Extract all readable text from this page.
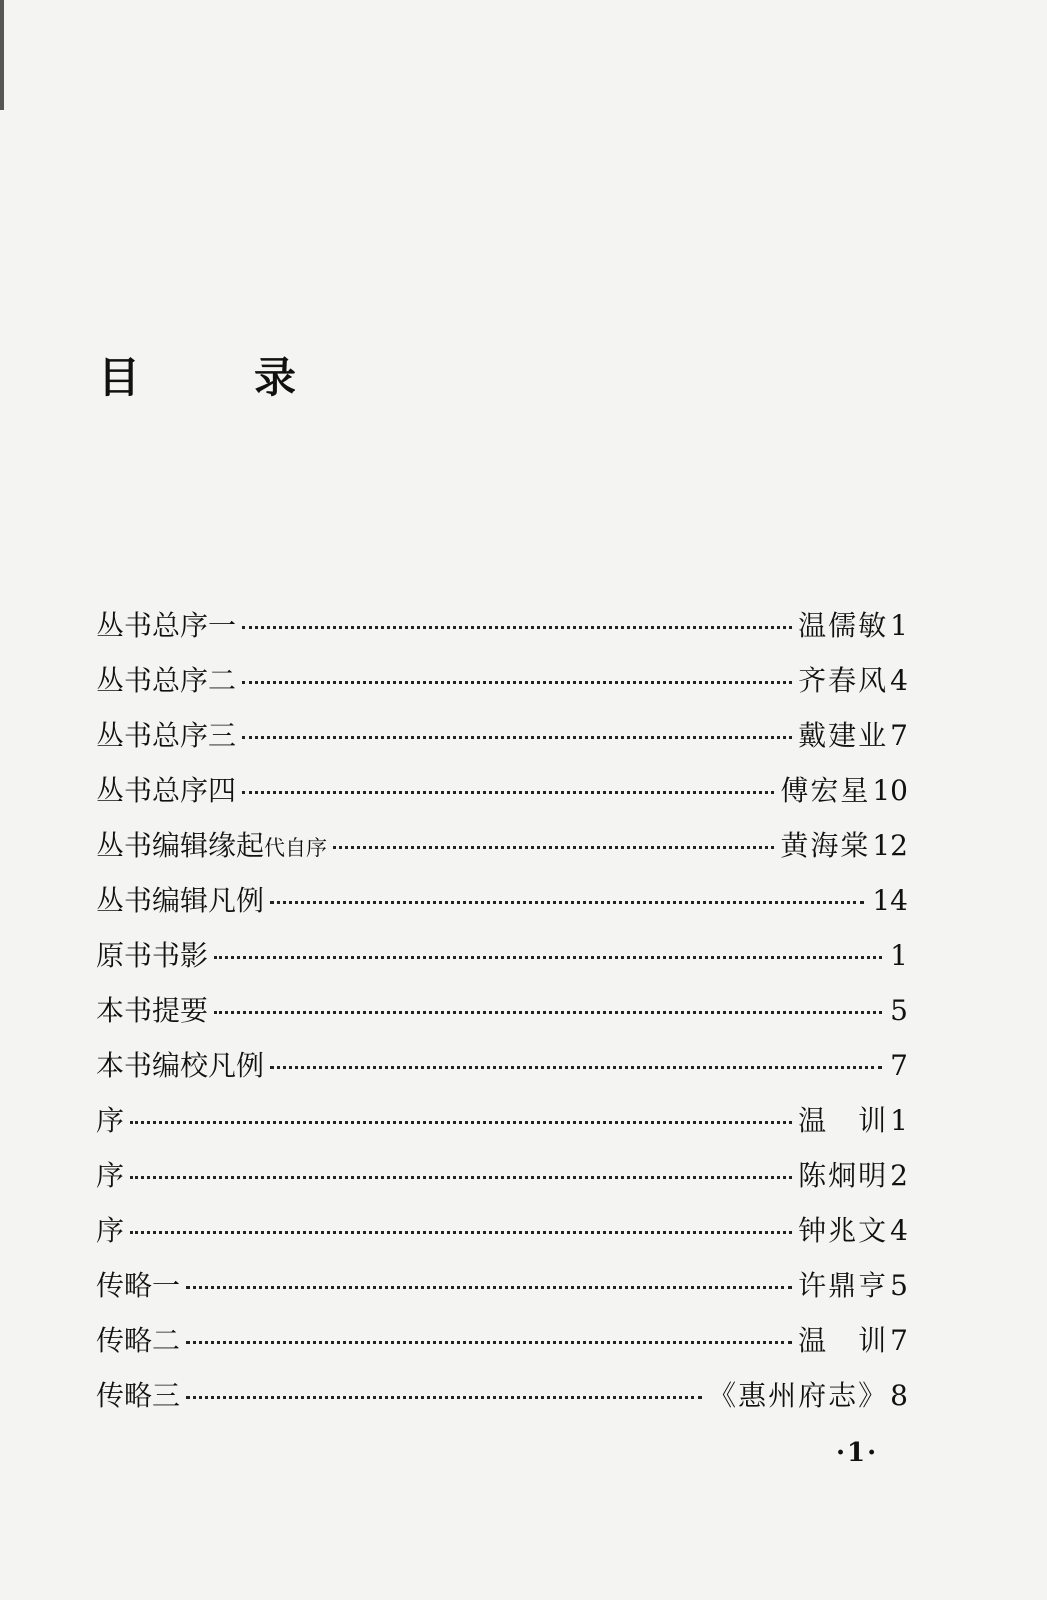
目　录
丛书总序一	温儒敏 1
丛书总序二	齐春风 4
丛书总序三	戴建业 7
丛书总序四	傅宏星 10
丛书编辑缘起代自序	黄海棠 12
丛书编辑凡例	14
原书书影	1
本书提要	5
本书编校凡例	7
序	温　训 1
序	陈炯明 2
序	钟兆文 4
传略一	许鼎亨 5
传略二	温　训 7
传略三	《惠州府志》 8
·1·
